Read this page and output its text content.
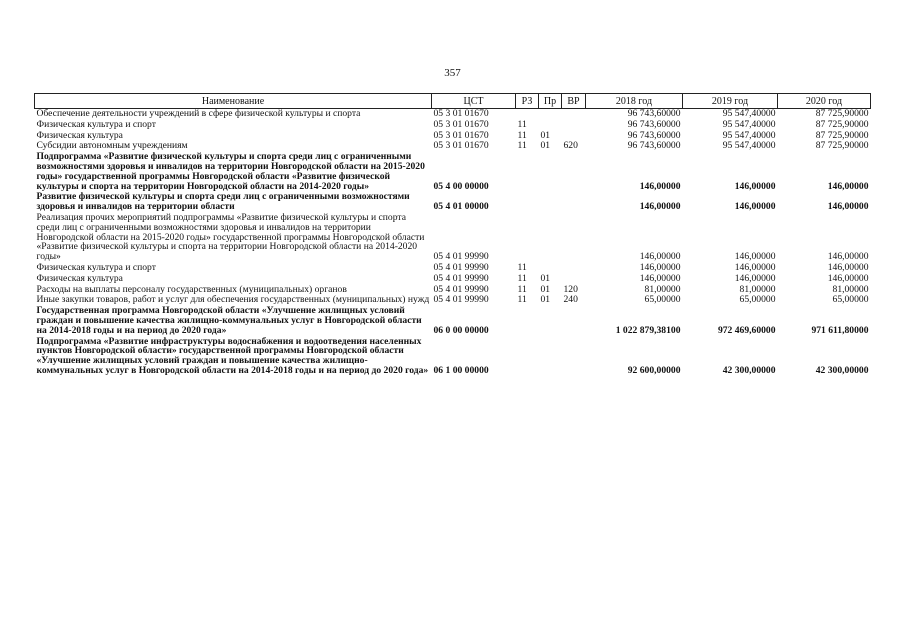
357
Наименование	ЦСТ	РЗ	Пр	ВР	2018 год	2019 год	2020 год
Обеспечение деятельности учреждений в сфере физической культуры и спорта	05 3 01 01670				96 743,60000	95 547,40000	87 725,90000
Физическая культура и спорт	05 3 01 01670	11			96 743,60000	95 547,40000	87 725,90000
Физическая культура	05 3 01 01670	11	01		96 743,60000	95 547,40000	87 725,90000
Субсидии автономным учреждениям	05 3 01 01670	11	01	620	96 743,60000	95 547,40000	87 725,90000
Подпрограмма «Развитие физической культуры и спорта среди лиц с ограниченными возможностями здоровья и инвалидов на территории Новгородской области на 2015-2020 годы» государственной программы Новгородской области «Развитие физической культуры и спорта на территории Новгородской области на 2014-2020 годы»	05 4 00 00000				146,00000	146,00000	146,00000
Развитие физической культуры и спорта среди лиц с ограниченными возможностями здоровья и инвалидов на территории области	05 4 01 00000				146,00000	146,00000	146,00000
Реализация прочих мероприятий подпрограммы «Развитие физической культуры и спорта среди лиц с ограниченными возможностями здоровья и инвалидов на территории Новгородской области на 2015-2020 годы» государственной программы Новгородской области «Развитие физической культуры и спорта на территории Новгородской области на 2014-2020 годы»	05 4 01 99990				146,00000	146,00000	146,00000
Физическая культура и спорт	05 4 01 99990	11			146,00000	146,00000	146,00000
Физическая культура	05 4 01 99990	11	01		146,00000	146,00000	146,00000
Расходы на выплаты персоналу государственных (муниципальных) органов	05 4 01 99990	11	01	120	81,00000	81,00000	81,00000
Иные закупки товаров, работ и услуг для обеспечения государственных (муниципальных) нужд	05 4 01 99990	11	01	240	65,00000	65,00000	65,00000
Государственная программа Новгородской области «Улучшение жилищных условий граждан и повышение качества жилищно-коммунальных услуг в Новгородской области на 2014-2018 годы и на период до 2020 года»	06 0 00 00000				1 022 879,38100	972 469,60000	971 611,80000
Подпрограмма «Развитие инфраструктуры водоснабжения и водоотведения населенных пунктов Новгородской области» государственной программы Новгородской области «Улучшение жилищных условий граждан и повышение качества жилищно-коммунальных услуг в Новгородской области на 2014-2018 годы и на период до 2020 года»	06 1 00 00000				92 600,00000	42 300,00000	42 300,00000
